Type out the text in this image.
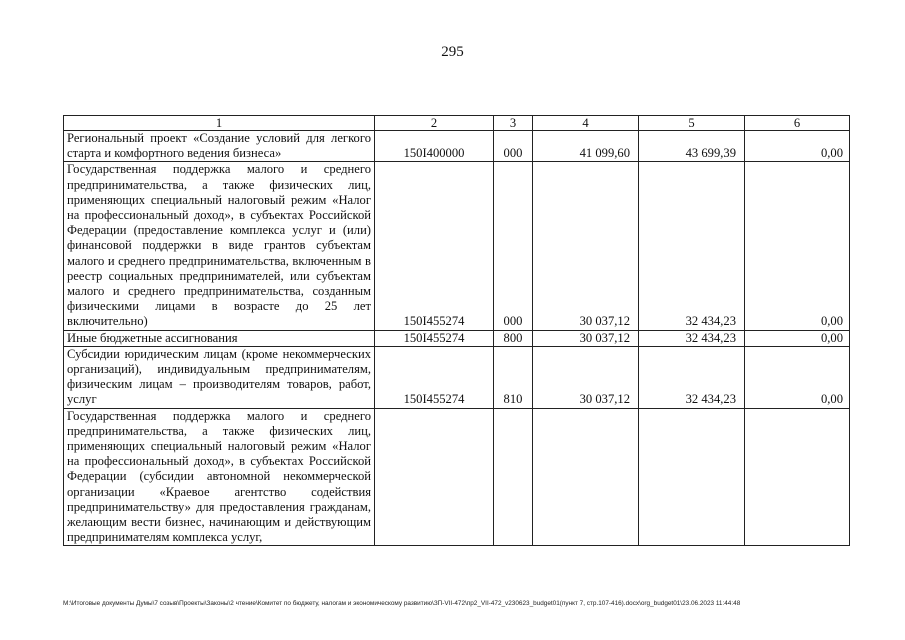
295
1	2	3	4	5	6

Региональный проект «Создание условий для легкого старта и комфортного ведения бизнеса»	150I400000	000	41 099,60	43 699,39	0,00

Государственная поддержка малого и среднего предпринимательства, а также физических лиц, применяющих специальный налоговый режим «Налог на профессиональный доход», в субъектах Российской Федерации (предоставление комплекса услуг и (или) финансовой поддержки в виде грантов субъектам малого и среднего предпринимательства, включенным в реестр социальных предпринимателей, или субъектам малого и среднего предпринимательства, созданным физическими лицами в возрасте до 25 лет включительно)	150I455274	000	30 037,12	32 434,23	0,00

Иные бюджетные ассигнования	150I455274	800	30 037,12	32 434,23	0,00

Субсидии юридическим лицам (кроме некоммерческих организаций), индивидуальным предпринимателям, физическим лицам – производителям товаров, работ, услуг	150I455274	810	30 037,12	32 434,23	0,00

Государственная поддержка малого и среднего предпринимательства, а также физических лиц, применяющих специальный налоговый режим «Налог на профессиональный доход», в субъектах Российской Федерации (субсидии автономной некоммерческой организации «Краевое агентство содействия предпринимательству» для предоставления гражданам, желающим вести бизнес, начинающим и действующим предпринимателям комплекса услуг,					

M:\Итоговые документы Думы\7 созыв\Проекты\Законы\2 чтение\Комитет по бюджету, налогам и экономическому развитию\ЗП-VII-472\пр2_VII-472_v230623_budget01(пункт 7, стр.107-416).docx\org_budget01\23.06.2023 11:44:48
